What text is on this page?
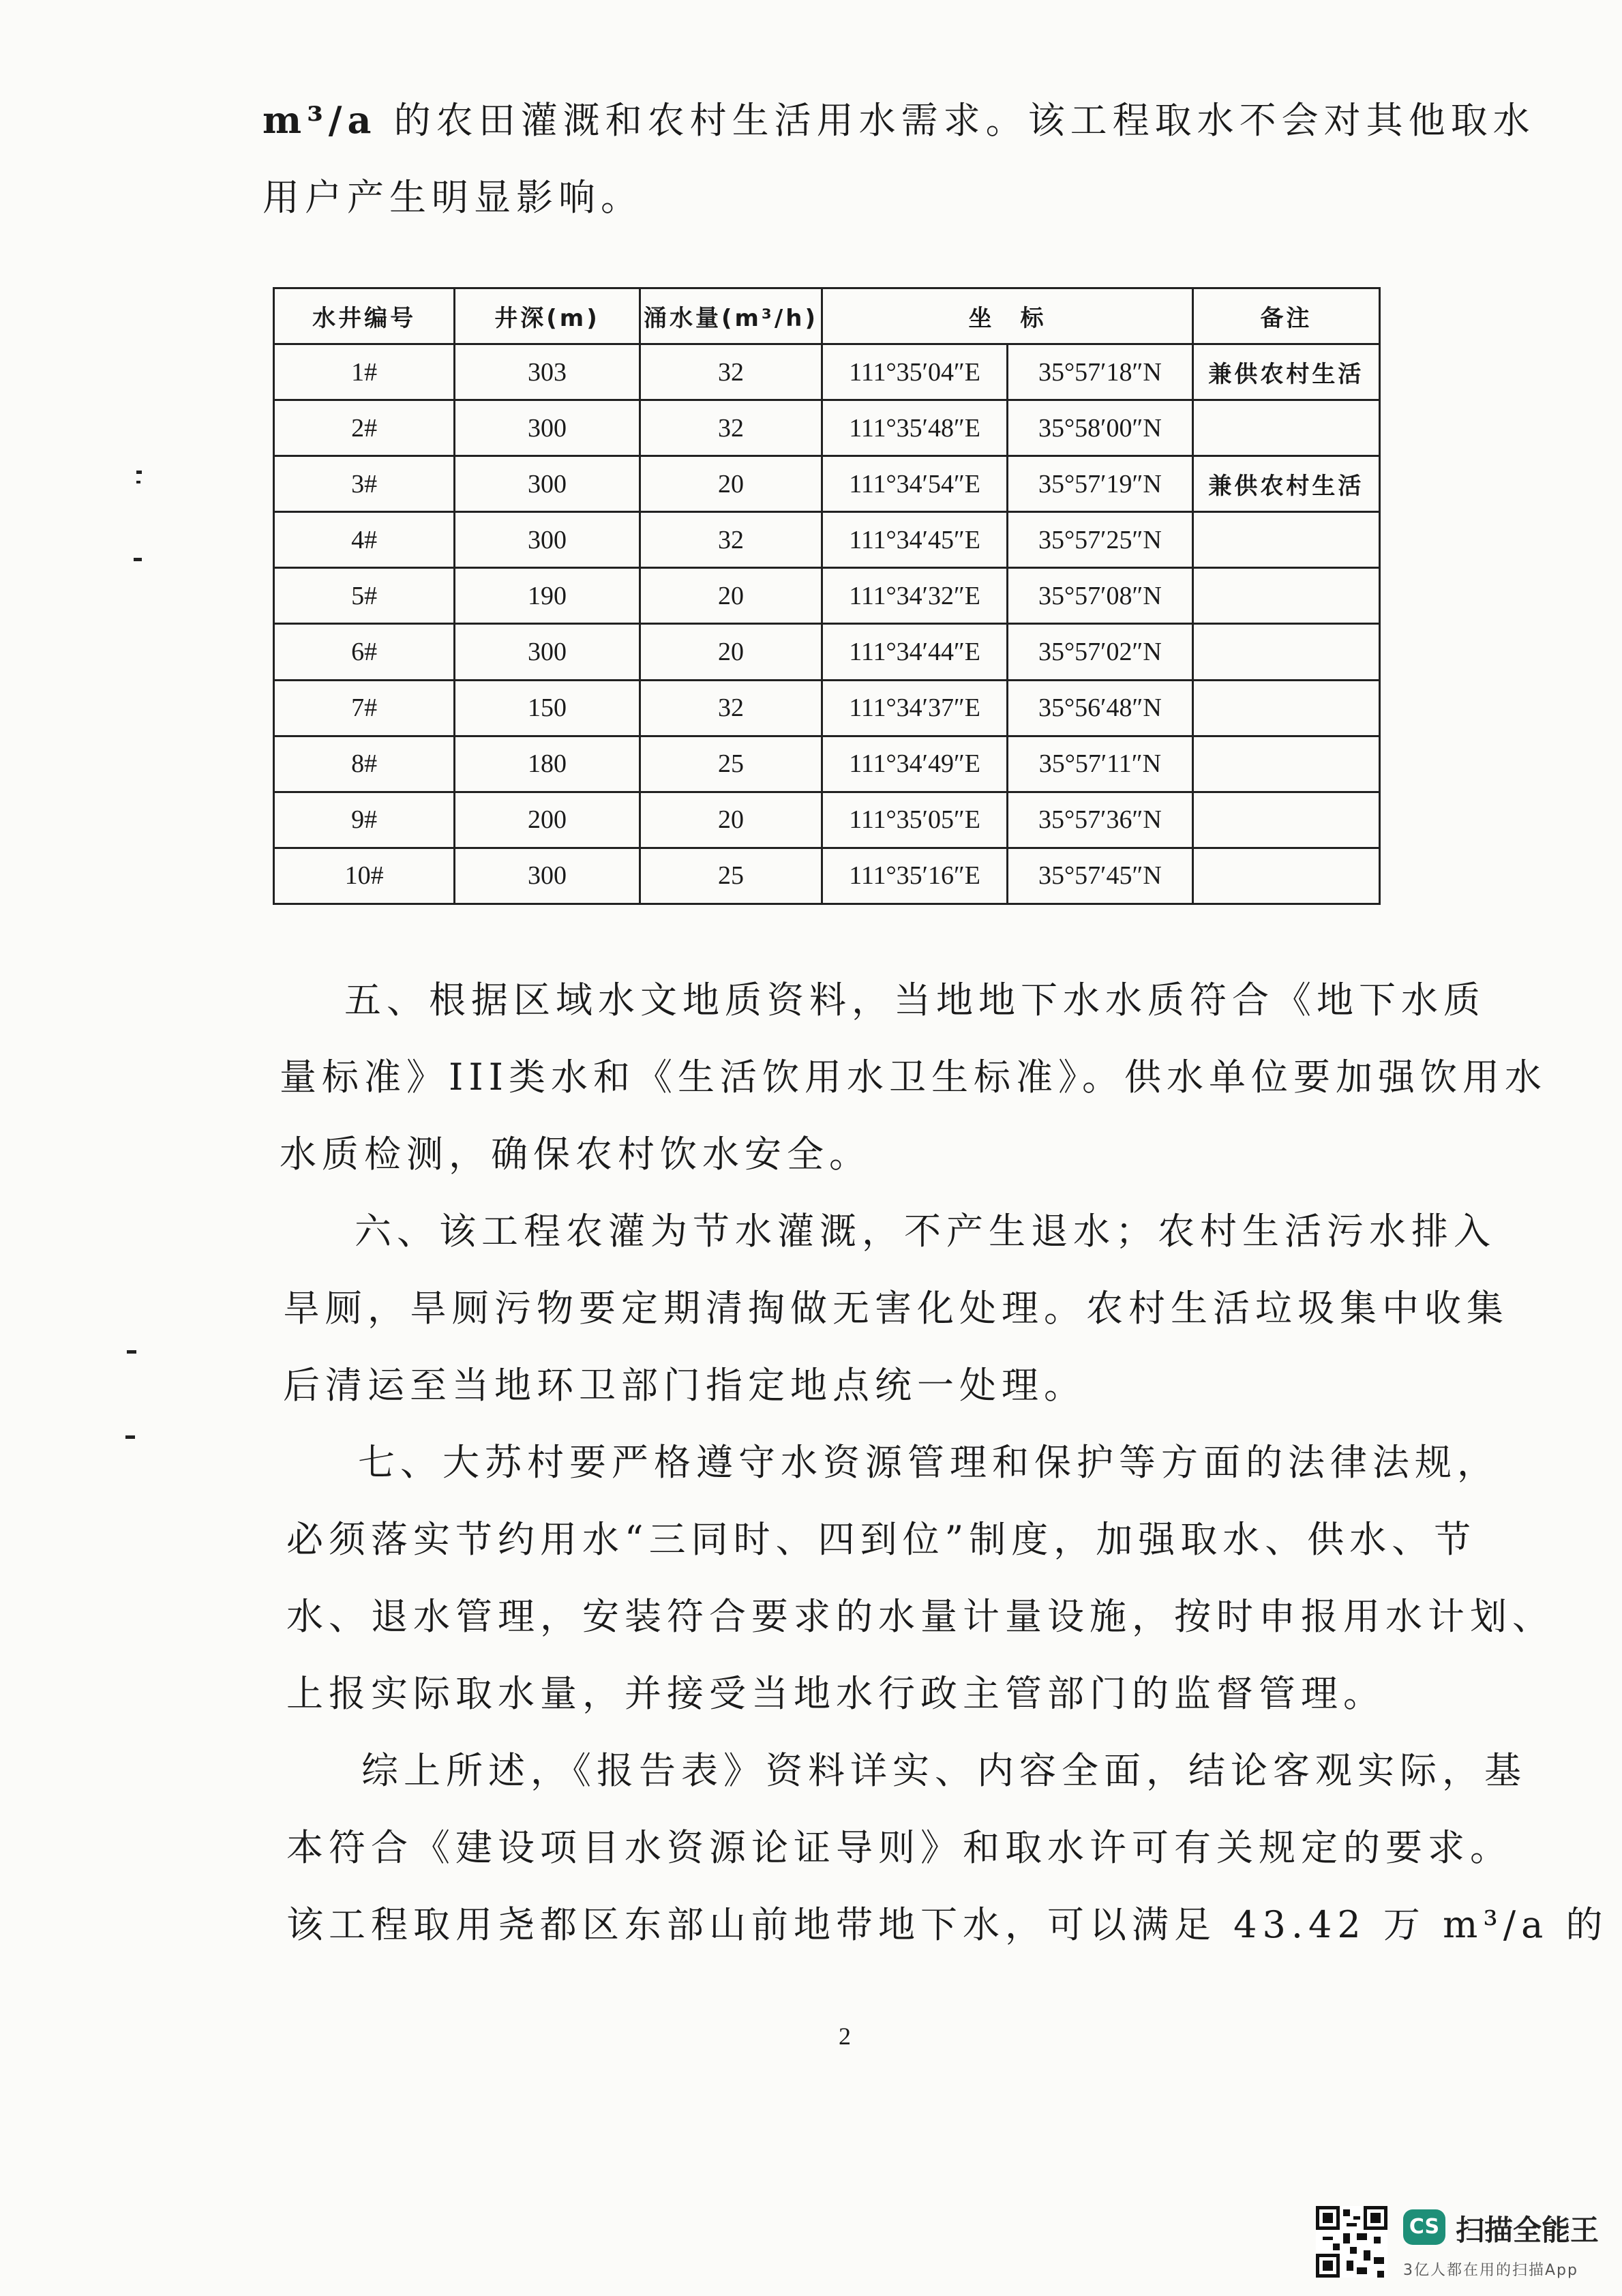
m³/a 的农田灌溉和农村生活用水需求。该工程取水不会对其他取水

用户产生明显影响。

水井编号	井深(m)	涌水量(m³/h)	坐　标		备注
1#	303	32	111°35′04″E	35°57′18″N	兼供农村生活
2#	300	32	111°35′48″E	35°58′00″N	
3#	300	20	111°34′54″E	35°57′19″N	兼供农村生活
4#	300	32	111°34′45″E	35°57′25″N	
5#	190	20	111°34′32″E	35°57′08″N	
6#	300	20	111°34′44″E	35°57′02″N	
7#	150	32	111°34′37″E	35°56′48″N	
8#	180	25	111°34′49″E	35°57′11″N	
9#	200	20	111°35′05″E	35°57′36″N	
10#	300	25	111°35′16″E	35°57′45″N	

五、根据区域水文地质资料，当地地下水水质符合《地下水质

量标准》III类水和《生活饮用水卫生标准》。供水单位要加强饮用水

水质检测，确保农村饮水安全。

六、该工程农灌为节水灌溉，不产生退水；农村生活污水排入

旱厕，旱厕污物要定期清掏做无害化处理。农村生活垃圾集中收集

后清运至当地环卫部门指定地点统一处理。

七、大苏村要严格遵守水资源管理和保护等方面的法律法规，

必须落实节约用水“三同时、四到位”制度，加强取水、供水、节

水、退水管理，安装符合要求的水量计量设施，按时申报用水计划、

上报实际取水量，并接受当地水行政主管部门的监督管理。

综上所述，《报告表》资料详实、内容全面，结论客观实际，基

本符合《建设项目水资源论证导则》和取水许可有关规定的要求。

该工程取用尧都区东部山前地带地下水，可以满足 43.42 万 m³/a 的

2
CS 扫描全能王
3亿人都在用的扫描App
